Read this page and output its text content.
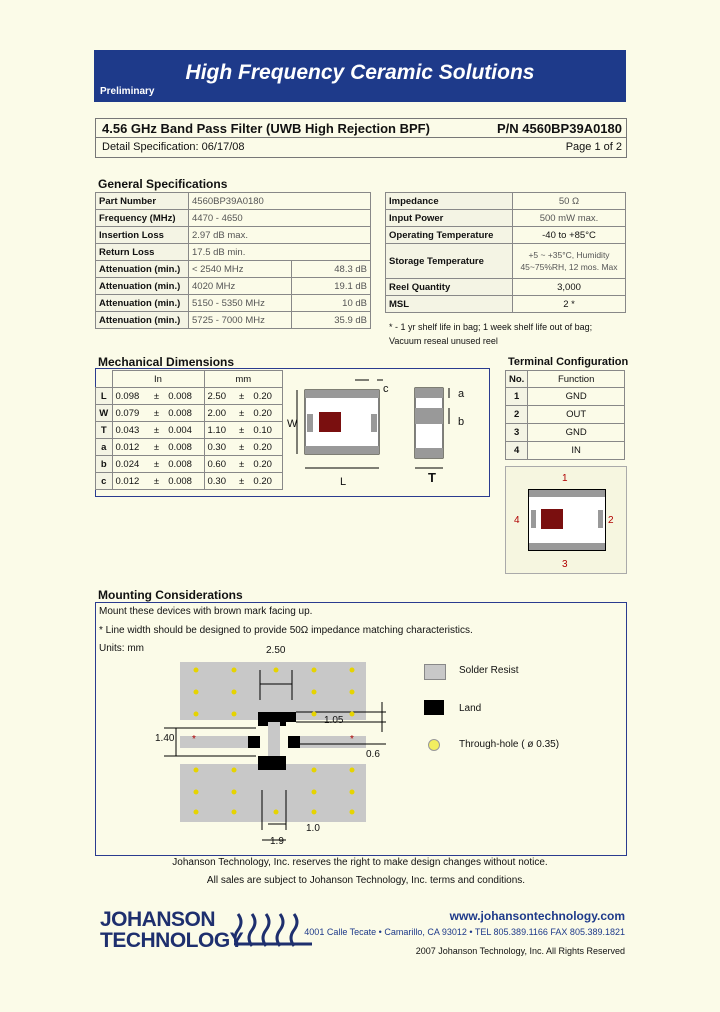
High Frequency Ceramic Solutions
Preliminary
4.56 GHz Band Pass Filter (UWB High Rejection BPF)	P/N 4560BP39A0180
Detail Specification: 06/17/08	Page 1 of 2
General Specifications
Part Number	4560BP39A0180	
Frequency (MHz)	4470 - 4650	
Insertion Loss	2.97 dB max.	
Return Loss	17.5 dB min.	
Attenuation (min.)	< 2540 MHz	48.3 dB
Attenuation (min.)	4020 MHz	19.1 dB
Attenuation (min.)	5150 - 5350 MHz	10 dB
Attenuation (min.)	5725 - 7000 MHz	35.9 dB
Impedance	50 Ω
Input Power	500 mW max.
Operating Temperature	-40 to +85°C
Storage Temperature	+5 ~ +35°C, Humidity 45~75%RH, 12 mos. Max
Reel Quantity	3,000
MSL	2 *
* - 1 yr shelf life in bag; 1 week shelf life out of bag;
Vacuum reseal unused reel
Mechanical Dimensions
	In			mm		
L	0.098	±	0.008	2.50	±	0.20
W	0.079	±	0.008	2.00	±	0.20
T	0.043	±	0.004	1.10	±	0.10
a	0.012	±	0.008	0.30	±	0.20
b	0.024	±	0.008	0.60	±	0.20
c	0.012	±	0.008	0.30	±	0.20
W
L
c	a
b
T
Terminal Configuration
No.	Function
1	GND
2	OUT
3	GND
4	IN
1
2
3
4
Mounting Considerations
Mount these devices with brown mark facing up.
* Line width should be designed to provide 50Ω impedance matching characteristics.
Units: mm	2.50
1.05
1.40
0.6
1.9
1.0
*	*
Solder Resist
Land
Through-hole ( ø 0.35)
Johanson Technology, Inc. reserves the right to make design changes without notice.
All sales are subject to Johanson Technology, Inc. terms and conditions.
JOHANSON
TECHNOLOGY
www.johansontechnology.com
4001 Calle Tecate • Camarillo, CA 93012 • TEL 805.389.1166 FAX 805.389.1821
2007 Johanson Technology, Inc. All Rights Reserved
